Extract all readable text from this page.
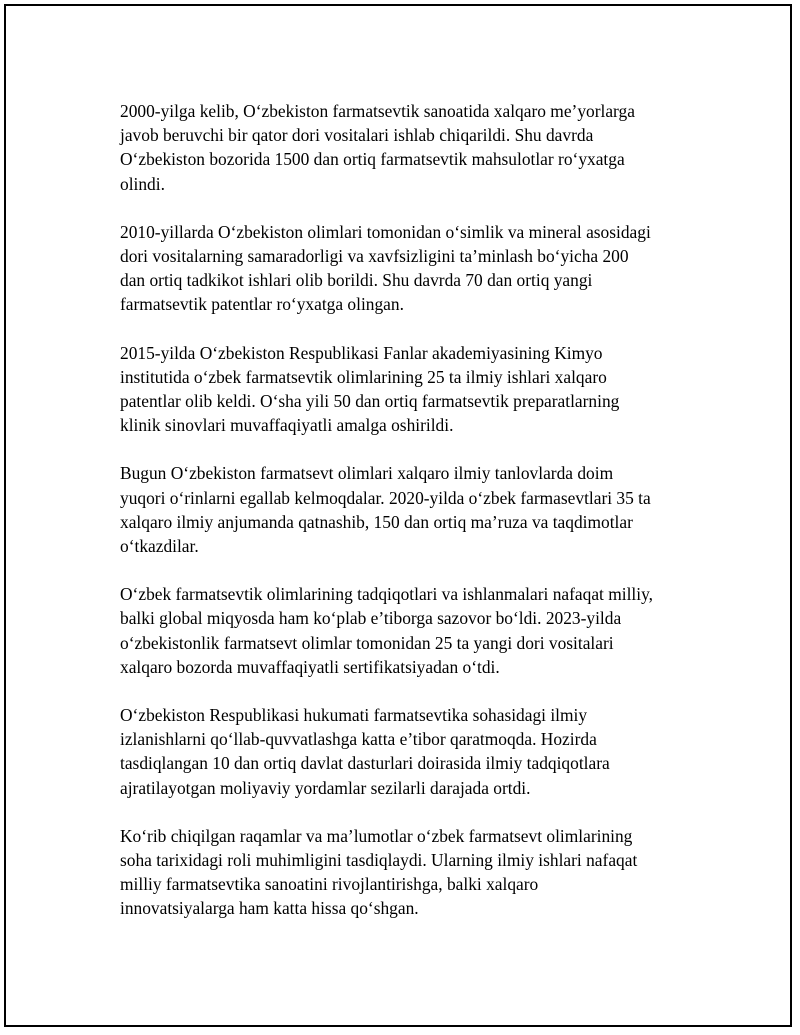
2000-yilga kelib, O‘zbekiston farmatsevtik sanoatida xalqaro me’yorlarga
javob beruvchi bir qator dori vositalari ishlab chiqarildi. Shu davrda
O‘zbekiston bozorida 1500 dan ortiq farmatsevtik mahsulotlar ro‘yxatga
olindi.

2010-yillarda O‘zbekiston olimlari tomonidan o‘simlik va mineral asosidagi
dori vositalarning samaradorligi va xavfsizligini ta’minlash bo‘yicha 200
dan ortiq tadkikot ishlari olib borildi. Shu davrda 70 dan ortiq yangi
farmatsevtik patentlar ro‘yxatga olingan.

2015-yilda O‘zbekiston Respublikasi Fanlar akademiyasining Kimyo
institutida o‘zbek farmatsevtik olimlarining 25 ta ilmiy ishlari xalqaro
patentlar olib keldi. O‘sha yili 50 dan ortiq farmatsevtik preparatlarning
klinik sinovlari muvaffaqiyatli amalga oshirildi.

Bugun O‘zbekiston farmatsevt olimlari xalqaro ilmiy tanlovlarda doim
yuqori o‘rinlarni egallab kelmoqdalar. 2020-yilda o‘zbek farmasevtlari 35 ta
xalqaro ilmiy anjumanda qatnashib, 150 dan ortiq ma’ruza va taqdimotlar
o‘tkazdilar.

O‘zbek farmatsevtik olimlarining tadqiqotlari va ishlanmalari nafaqat milliy,
balki global miqyosda ham ko‘plab e’tiborga sazovor bo‘ldi. 2023-yilda
o‘zbekistonlik farmatsevt olimlar tomonidan 25 ta yangi dori vositalari
xalqaro bozorda muvaffaqiyatli sertifikatsiyadan o‘tdi.

O‘zbekiston Respublikasi hukumati farmatsevtika sohasidagi ilmiy
izlanishlarni qo‘llab-quvvatlashga katta e’tibor qaratmoqda. Hozirda
tasdiqlangan 10 dan ortiq davlat dasturlari doirasida ilmiy tadqiqotlara
ajratilayotgan moliyaviy yordamlar sezilarli darajada ortdi.

Ko‘rib chiqilgan raqamlar va ma’lumotlar o‘zbek farmatsevt olimlarining
soha tarixidagi roli muhimligini tasdiqlaydi. Ularning ilmiy ishlari nafaqat
milliy farmatsevtika sanoatini rivojlantirishga, balki xalqaro
innovatsiyalarga ham katta hissa qo‘shgan.
